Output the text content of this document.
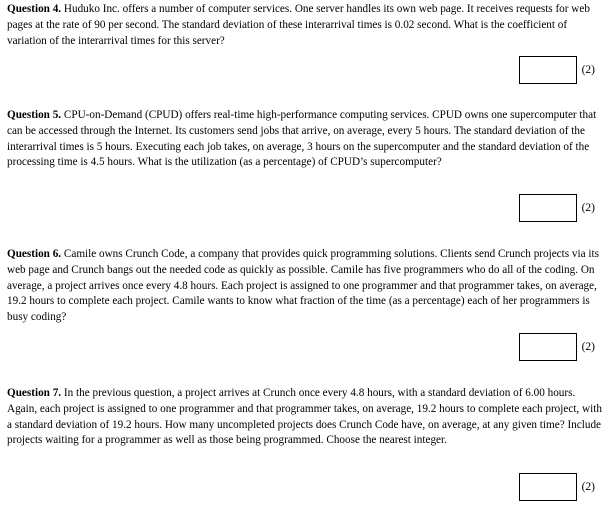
Question 4. Huduko Inc. offers a number of computer services. One server handles its own web page. It receives requests for web pages at the rate of 90 per second. The standard deviation of these interarrival times is 0.02 second. What is the coefficient of variation of the interarrival times for this server?
(2)
Question 5. CPU-on-Demand (CPUD) offers real-time high-performance computing services. CPUD owns one supercomputer that can be accessed through the Internet. Its customers send jobs that arrive, on average, every 5 hours. The standard deviation of the interarrival times is 5 hours. Executing each job takes, on average, 3 hours on the supercomputer and the standard deviation of the processing time is 4.5 hours. What is the utilization (as a percentage) of CPUD’s supercomputer?
(2)
Question 6. Camile owns Crunch Code, a company that provides quick programming solutions. Clients send Crunch projects via its web page and Crunch bangs out the needed code as quickly as possible. Camile has five programmers who do all of the coding. On average, a project arrives once every 4.8 hours. Each project is assigned to one programmer and that programmer takes, on average, 19.2 hours to complete each project. Camile wants to know what fraction of the time (as a percentage) each of her programmers is busy coding?
(2)
Question 7. In the previous question, a project arrives at Crunch once every 4.8 hours, with a standard deviation of 6.00 hours. Again, each project is assigned to one programmer and that programmer takes, on average, 19.2 hours to complete each project, with a standard deviation of 19.2 hours. How many uncompleted projects does Crunch Code have, on average, at any given time? Include projects waiting for a programmer as well as those being programmed. Choose the nearest integer.
(2)
